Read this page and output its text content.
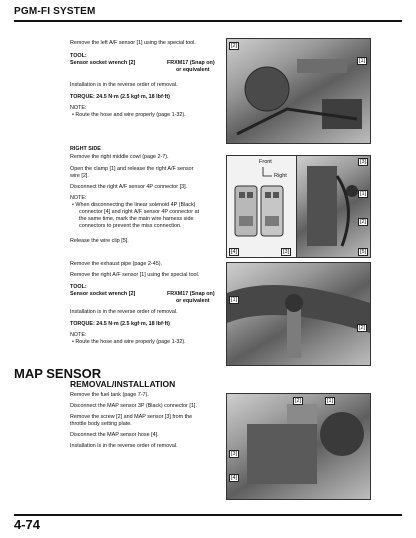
PGM-FI SYSTEM
Remove the left A/F sensor [1] using the special tool.
TOOL:
Sensor socket wrench [2]	FRXM17 (Snap on)
or equivalent
Installation is in the reverse order of removal.
TORQUE: 24.5 N·m (2.5 kgf·m, 18 lbf·ft)
NOTE:
• Route the hose and wire properly (page 1-32).
[2]
[1]
RIGHT SIDE
Remove the right middle cowl (page 2-7).
Open the clamp [1] and release the right A/F sensor
wire [2].
Disconnect the right A/F sensor 4P connector [3].
NOTE:
• When disconnecting the linear solenoid 4P (Black)
connector [4] and right A/F sensor 4P connector at
the same time, mark the main wire harness side
connectors to prevent the miss connection.
Release the wire clip [5].
Front
Right
[4]	[3]
[3]
[1]
[2]
[5]
Remove the exhaust pipe (page 2-45).
Remove the right A/F sensor [1] using the special tool.
TOOL:
Sensor socket wrench [2]	FRXM17 (Snap on)
or equivalent
Installation is in the reverse order of removal.
TORQUE: 24.5 N·m (2.5 kgf·m, 18 lbf·ft)
NOTE:
• Route the hose and wire properly (page 1-32).
[1]
[2]
MAP SENSOR
REMOVAL/INSTALLATION
Remove the fuel tank (page 7-7).
Disconnect the MAP sensor 3P (Black) connector [1].
Remove the screw [2] and MAP sensor [3] from the
throttle body setting plate.
Disconnect the MAP sensor hose [4].
Installation is in the reverse order of removal.
[2]	[1]
[3]
[4]
4-74
